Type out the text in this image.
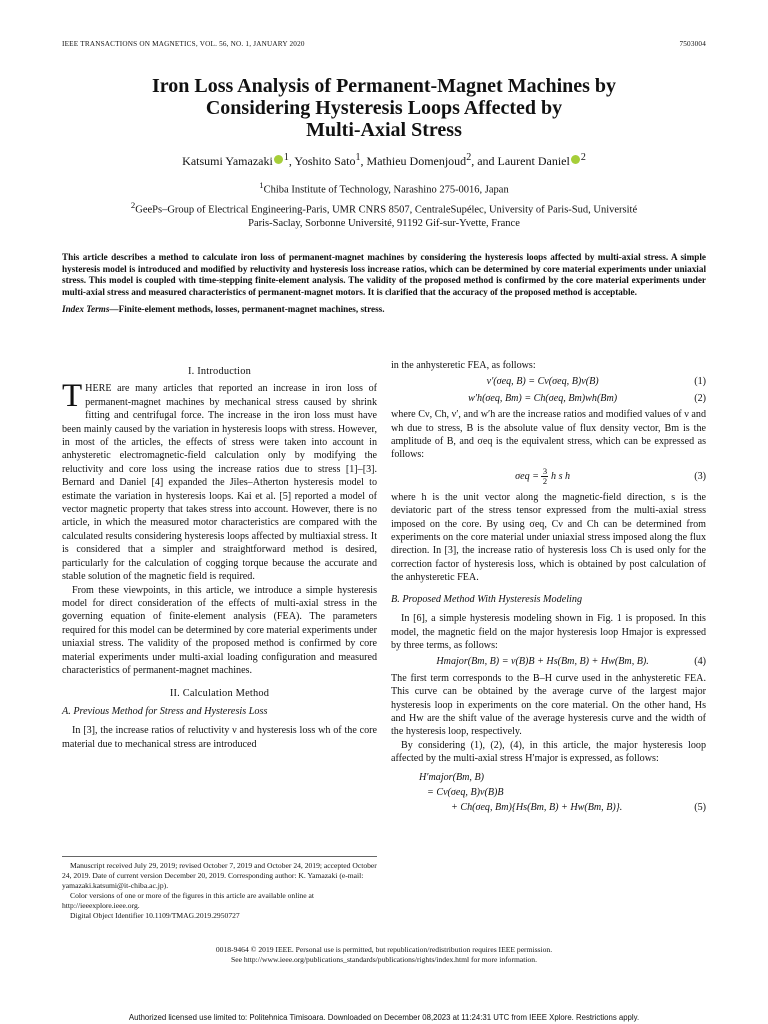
IEEE TRANSACTIONS ON MAGNETICS, VOL. 56, NO. 1, JANUARY 2020	7503004
Iron Loss Analysis of Permanent-Magnet Machines by
Considering Hysteresis Loops Affected by
Multi-Axial Stress
Katsumi Yamazaki $^1$, Yoshito Sato$^1$, Mathieu Domenjoud$^2$, and Laurent Daniel $^2$
$^1$Chiba Institute of Technology, Narashino 275-0016, Japan
$^2$GeePs–Group of Electrical Engineering-Paris, UMR CNRS 8507, CentraleSupélec, University of Paris-Sud, Université
Paris-Saclay, Sorbonne Université, 91192 Gif-sur-Yvette, France
This article describes a method to calculate iron loss of permanent-magnet machines by considering the hysteresis loops affected by multi-axial stress. A simple hysteresis model is introduced and modified by reluctivity and hysteresis loss increase ratios, which can be determined by core material experiments under uniaxial stress. This model is coupled with time-stepping finite-element analysis. The validity of the proposed method is confirmed by the core material experiments under multi-axial stress and measured characteristics of permanent-magnet motors. It is clarified that the accuracy of the proposed method is acceptable.
Index Terms—Finite-element methods, losses, permanent-magnet machines, stress.
I. Introduction

THERE are many articles that reported an increase in iron loss of permanent-magnet machines by mechanical stress caused by shrink fitting and centrifugal force. The increase in the iron loss must have been mainly caused by the variation in hysteresis loops with stress. However, in most of the articles, the effects of stress were taken into account in anhysteretic electromagnetic-field calculation only by modifying the reluctivity and core loss using the increase ratios due to stress [1]–[3]. Bernard and Daniel [4] expanded the Jiles–Atherton hysteresis model to estimate the variation in hysteresis loops. Kai et al. [5] reported a model of vector magnetic property that takes stress into account. However, there is no article, in which the measured motor characteristics are compared with the calculated results considering hysteresis loops affected by multiaxial stress. It is considered that a simpler and straightforward method is desired, particularly for the calculation of cogging torque because the accurate and stable solution of the magnetic field is required.

From these viewpoints, in this article, we introduce a simple hysteresis model for direct consideration of the effects of multi-axial stress in the governing equation of finite-element analysis (FEA). The parameters required for this model can be determined by core material experiments under uniaxial stress. The validity of the proposed method is confirmed by core material experiments under multi-axial loading configuration and measured characteristics of permanent-magnet machines.

II. Calculation Method
A. Previous Method for Stress and Hysteresis Loss

In [3], the increase ratios of reluctivity ν and hysteresis loss wh of the core material due to mechanical stress are introduced

in the anhysteretic FEA, as follows:

ν′(σeq, B) = Cν(σeq, B)ν(B)	(1)
w′h(σeq, Bm) = Ch(σeq, Bm)wh(Bm)	(2)

where Cν, Ch, ν′, and w′h are the increase ratios and modified values of ν and wh due to stress, B is the absolute value of flux density vector, Bm is the amplitude of B, and σeq is the equivalent stress, which can be expressed as follows:

$\sigma eq = \frac{3}{2}$ h s h	(3)

where h is the unit vector along the magnetic-field direction, s is the deviatoric part of the stress tensor expressed from the multi-axial stress imposed on the core. By using σeq, Cν and Ch can be determined from experiments on the core material under uniaxial stress imposed along the flux direction. In [3], the increase ratio of hysteresis loss Ch is used only for the correction factor of hysteresis loss, which is obtained by post calculation of the anhysteretic FEA.

B. Proposed Method With Hysteresis Modeling

In [6], a simple hysteresis modeling shown in Fig. 1 is proposed. In this model, the magnetic field on the major hysteresis loop Hmajor is expressed by three terms, as follows:

Hmajor(Bm, B) = ν(B)B + Hs(Bm, B) + Hw(Bm, B).	(4)

The first term corresponds to the B–H curve used in the anhysteretic FEA. This curve can be obtained by the average curve of the largest major hysteresis loop in experiments on the core material. On the other hand, Hs and Hw are the shift value of the average hysteresis curve and the width of the hysteresis loop, respectively.

By considering (1), (2), (4), in this article, the major hysteresis loop affected by the multi-axial stress H′major is expressed, as follows:

H′major(Bm, B)
= Cν(σeq, B)ν(B)B
+ Ch(σeq, Bm){Hs(Bm, B) + Hw(Bm, B)}.	(5)
Manuscript received July 29, 2019; revised October 7, 2019 and October 24, 2019; accepted October 24, 2019. Date of current version December 20, 2019. Corresponding author: K. Yamazaki (e-mail: yamazaki.katsumi@it-chiba.ac.jp).
Color versions of one or more of the figures in this article are available online at http://ieeexplore.ieee.org.
Digital Object Identifier 10.1109/TMAG.2019.2950727
0018-9464 © 2019 IEEE. Personal use is permitted, but republication/redistribution requires IEEE permission.
See http://www.ieee.org/publications_standards/publications/rights/index.html for more information.
Authorized licensed use limited to: Politehnica Timisoara. Downloaded on December 08,2023 at 11:24:31 UTC from IEEE Xplore. Restrictions apply.
